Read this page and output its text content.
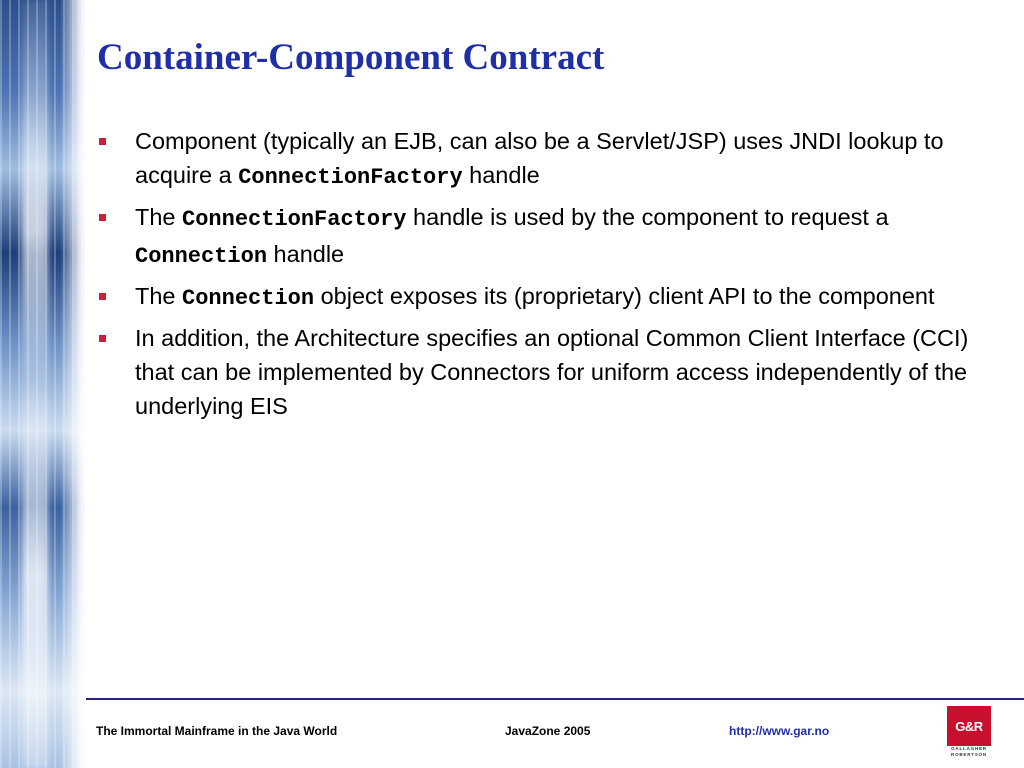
Container-Component Contract
Component (typically an EJB, can also be a Servlet/JSP) uses JNDI lookup to acquire a ConnectionFactory handle
The ConnectionFactory handle is used by the component to request a Connection handle
The Connection object exposes its (proprietary) client API to the component
In addition, the Architecture specifies an optional Common Client Interface (CCI) that can be implemented by Connectors for uniform access independently of the underlying EIS
The Immortal Mainframe in the Java World	JavaZone 2005	http://www.gar.no	G&R
GALLAGHER
ROBERTSON
